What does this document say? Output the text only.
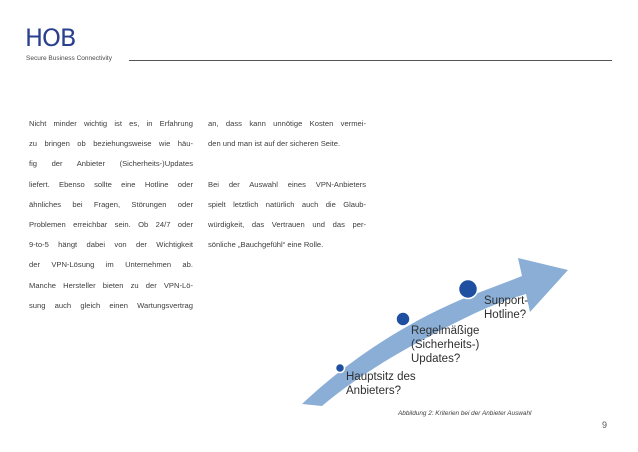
HOB
Secure Business Connectivity
Nicht minder wichtig ist es, in Erfahrung
zu bringen ob beziehungsweise wie häu-
fig der Anbieter (Sicherheits-)Updates
liefert. Ebenso sollte eine Hotline oder
ähnliches bei Fragen, Störungen oder
Problemen erreichbar sein. Ob 24/7 oder
9-to-5 hängt dabei von der Wichtigkeit
der VPN-Lösung im Unternehmen ab.
Manche Hersteller bieten zu der VPN-Lö-
sung auch gleich einen Wartungsvertrag
an, dass kann unnötige Kosten vermei-
den und man ist auf der sicheren Seite.
Bei der Auswahl eines VPN-Anbieters
spielt letztlich natürlich auch die Glaub-
würdigkeit, das Vertrauen und das per-
sönliche „Bauchgefühl“ eine Rolle.
Hauptsitz des Anbieters?
Regelmäßige (Sicherheits-) Updates?
Support- Hotline?
Abbildung 2: Kriterien bei der Anbieter Auswahl
9
